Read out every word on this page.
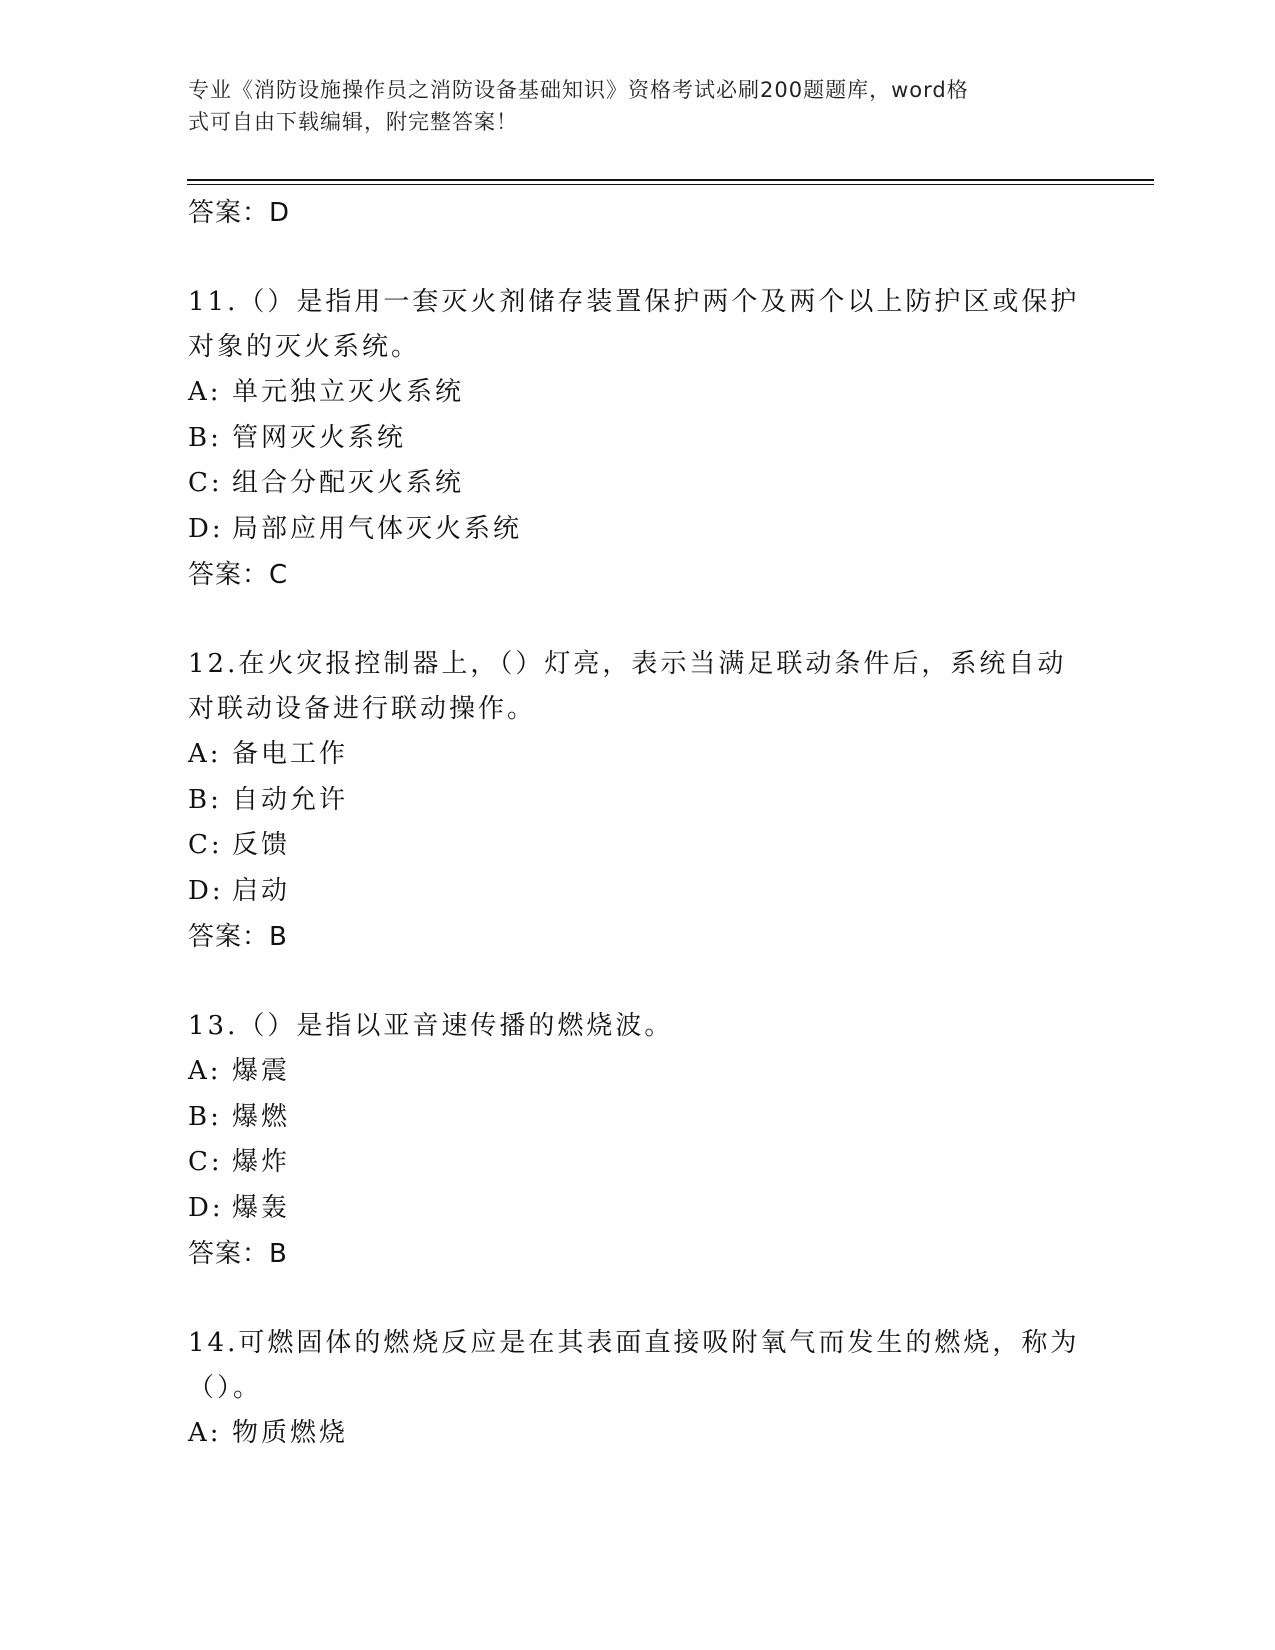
专业《消防设施操作员之消防设备基础知识》资格考试必刷200题题库，word格
式可自由下载编辑，附完整答案！

答案：D

11.（）是指用一套灭火剂储存装置保护两个及两个以上防护区或保护

对象的灭火系统。

A: 单元独立灭火系统
B: 管网灭火系统
C: 组合分配灭火系统
D: 局部应用气体灭火系统

答案：C

12.在火灾报控制器上，（）灯亮，表示当满足联动条件后，系统自动

对联动设备进行联动操作。

A: 备电工作
B: 自动允许
C: 反馈
D: 启动

答案：B

13.（）是指以亚音速传播的燃烧波。

A: 爆震
B: 爆燃
C: 爆炸
D: 爆轰

答案：B

14.可燃固体的燃烧反应是在其表面直接吸附氧气而发生的燃烧，称为

（）。

A: 物质燃烧
